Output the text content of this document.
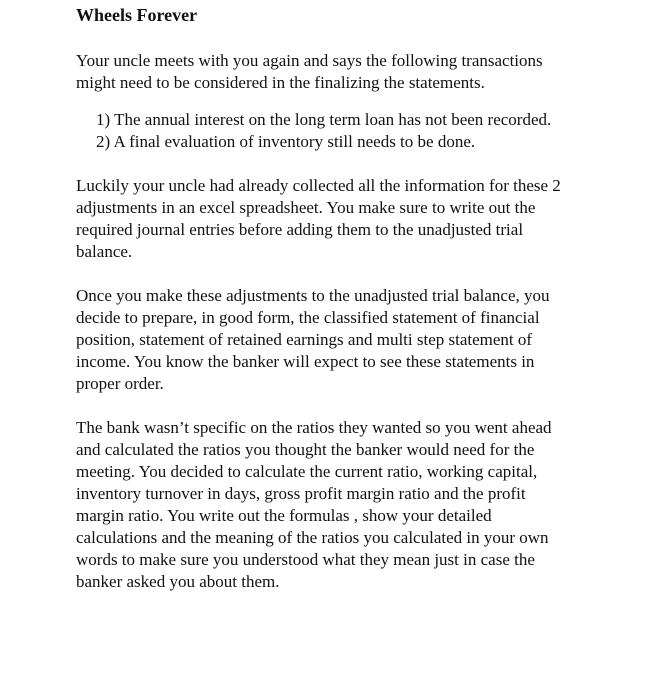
Wheels Forever

Your uncle meets with you again and says the following transactions might need to be considered in the finalizing the statements.

1) The annual interest on the long term loan has not been recorded.
2) A final evaluation of inventory still needs to be done.

Luckily your uncle had already collected all the information for these 2 adjustments in an excel spreadsheet. You make sure to write out the required journal entries before adding them to the unadjusted trial balance.

Once you make these adjustments to the unadjusted trial balance, you decide to prepare, in good form, the classified statement of financial position, statement of retained earnings and multi step statement of income. You know the banker will expect to see these statements in proper order.

The bank wasn’t specific on the ratios they wanted so you went ahead and calculated the ratios you thought the banker would need for the meeting. You decided to calculate the current ratio, working capital, inventory turnover in days, gross profit margin ratio and the profit margin ratio. You write out the formulas , show your detailed calculations and the meaning of the ratios you calculated in your own words to make sure you understood what they mean just in case the banker asked you about them.
